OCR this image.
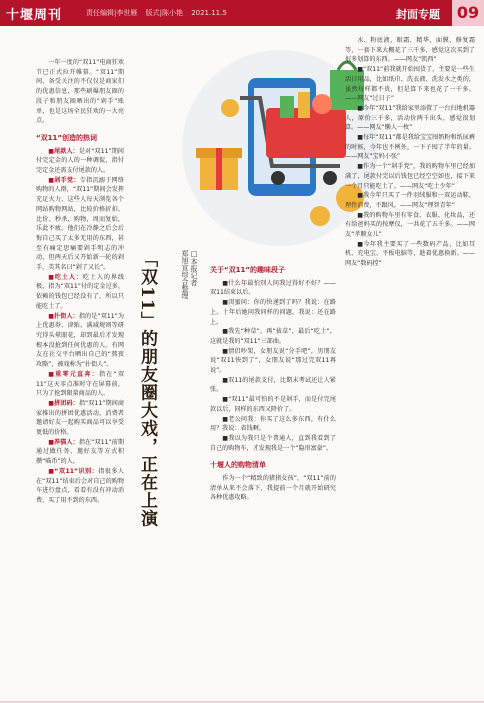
十堰周刊	责任编辑|李世雁 版式|陈小艳 2021.11.5	封面专题	09

一年一度的“双11”电商狂欢节已正式拉开帷幕。“双11”期间，备受关注的不仅仅是商家们的优惠信息，那些刷爆朋友圈的段子和朋友圈晒出的“剁手”账单，也是这场全民狂欢的一大亮点。

“双11”创造的热词

■尾款人：是对“双11”期间付完定金的人的一种调侃，指付完定金还需支付尾款的人。

■剁手党：专指沉溺于网络购物的人群，“双11”期间会发挥充足火力，这些人每天浏览各个网站购物网站，比较价格折扣、比价、秒杀、购物，周而复始，乐此不疲。他们在冷静之后会后悔自己买了太多无用的东西，甚至有痛定思痛要剁手明志的冲动，但两天后又开始新一轮的剁手，美其名曰“剁了又长”。

■吃土人：吃土人的界线极，指为“双11”付的定金过多，依赖的钱包已经没有了，所以只能吃土了。

■扑街人：指的是“双11”为上优惠券、津贴、满减规则等研究得头晕眼花，却到最后才发现根本没抢到任何优惠的人。有网友在社交平台晒出自己的“熬夜攻略”，被戏称为“扑街人”。

■重零元直奔：指在“双11”这天零点准时守在屏幕前，只为了抢到限量商品的人。

■拼团码：指“双11”期间商家推出的拼团优惠活动，消费者邀请好友一起购买商品可以享受更低的价格。

■养猫人：指在“双11”前期通过做任务、邀好友等方式积攒“喵币”的人。

■“双11”识别：指很多人在“双11”结束后会对自己的购物车进行盘点，看看有没有冲动消费、买了用不到的东西。	「双11」的朋友圈大戏，正在上演	□本报记者
郑旭宣综合整理	关于“双11”的趣味段子

■什么年最怕别人问我过得好不好？——双11结束以后。

■闺蜜问：你的快递到了吗？我说：在路上。十年后她问我同样的问题，我说：还在路上。

■我先“种草”，再“拔草”，最后“吃土”，这就是我的“双11”三部曲。

■情侣吵架，女朋友说“分手吧”，男朋友说“双11快到了”，女朋友说“那过完双11再说”。

■双11的尾款支付，比期末考试还让人紧张。

■“双11”最可怕的不是剁手，而是付完尾款以后，同样的东西又降价了。

■老公问我：你买了这么多东西，有什么用？我说：省钱啊。

■我以为我只是个普通人，直到我看到了自己的购物车，才发现我是一个“隐形富豪”。

十堰人的购物清单

作为一个“精致的猪猪女孩”，“双11”前的清单从来不会落下，我提前一个月就开始研究各种优惠攻略。

水、粉底液、眼霜、精华、面膜、修复霜等，一套下来大概花了三千多，感觉这次买到了很多划算的东西。——网友“凯西”

■“双11”前我就开始囤货了，主要是一些生活日用品，比如纸巾、洗衣液、洗发水之类的，虽然每样都不贵，但是算下来也花了一千多。——网友“过日子”

■今年“双11”我给家里添置了一台扫地机器人，原价三千多，活动价两千出头，感觉很划算。——网友“懒人一枚”

■每年“双11”都是我给宝宝囤奶粉和纸尿裤的时候，今年也不例外，一下子囤了半年的量。——网友“宝妈小张”

■作为一个“剁手党”，我的购物车里已经加满了，尾款付完以后钱包已经空空如也，接下来一个月只能吃土了。——网友“吃土少年”

■我今年只买了一件羽绒服和一双运动鞋，理性消费，不跟风。——网友“理智青年”

■我的购物车里有零食、衣服、化妆品，还有给爸妈买的按摩仪，一共花了五千多。——网友“孝顺女儿”

■今年我主要买了一些数码产品，比如耳机、充电宝、平板电脑等，趁着优惠换新。——网友“数码控”
